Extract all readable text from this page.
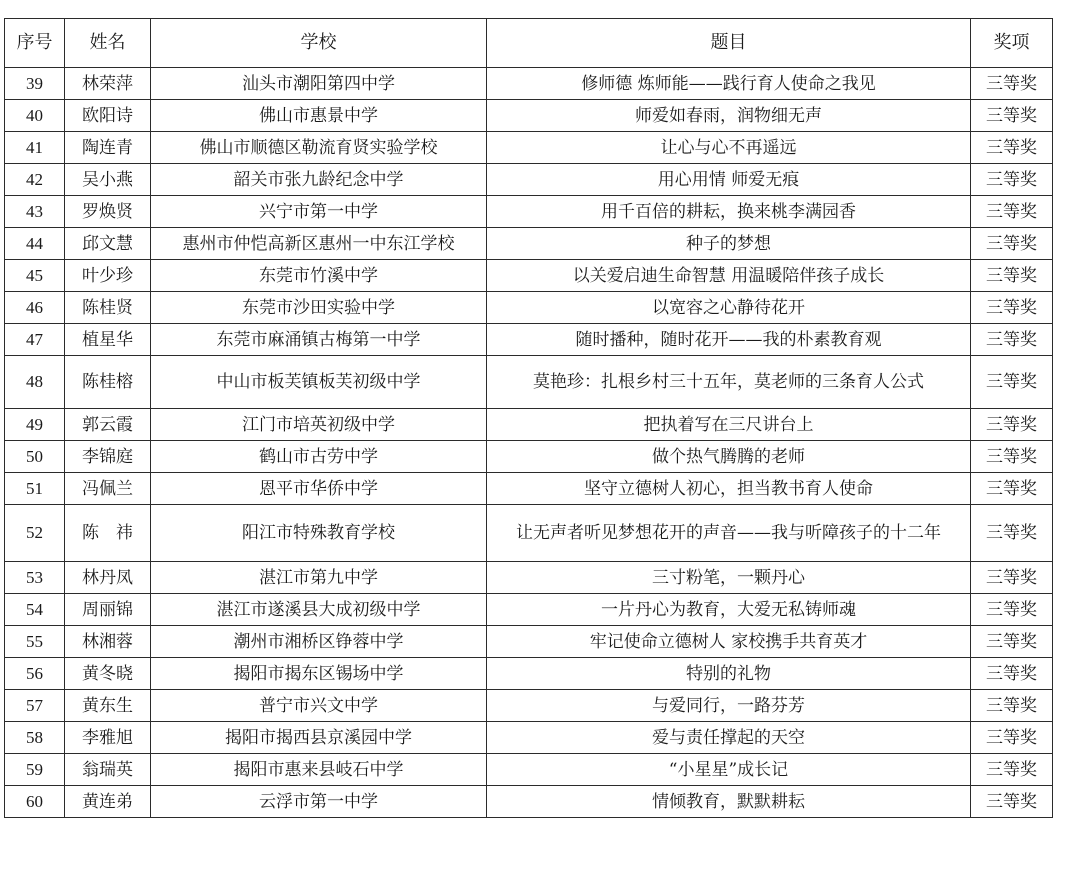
序号	姓名	学校	题目	奖项
39	林荣萍	汕头市潮阳第四中学	修师德 炼师能——践行育人使命之我见	三等奖
40	欧阳诗	佛山市惠景中学	师爱如春雨，润物细无声	三等奖
41	陶连青	佛山市顺德区勒流育贤实验学校	让心与心不再遥远	三等奖
42	吴小燕	韶关市张九龄纪念中学	用心用情 师爱无痕	三等奖
43	罗焕贤	兴宁市第一中学	用千百倍的耕耘，换来桃李满园香	三等奖
44	邱文慧	惠州市仲恺高新区惠州一中东江学校	种子的梦想	三等奖
45	叶少珍	东莞市竹溪中学	以关爱启迪生命智慧 用温暖陪伴孩子成长	三等奖
46	陈桂贤	东莞市沙田实验中学	以宽容之心静待花开	三等奖
47	植星华	东莞市麻涌镇古梅第一中学	随时播种，随时花开——我的朴素教育观	三等奖
48	陈桂榕	中山市板芙镇板芙初级中学	莫艳珍：扎根乡村三十五年，莫老师的三条育人公式	三等奖
49	郭云霞	江门市培英初级中学	把执着写在三尺讲台上	三等奖
50	李锦庭	鹤山市古劳中学	做个热气腾腾的老师	三等奖
51	冯佩兰	恩平市华侨中学	坚守立德树人初心，担当教书育人使命	三等奖
52	陈　祎	阳江市特殊教育学校	让无声者听见梦想花开的声音——我与听障孩子的十二年	三等奖
53	林丹凤	湛江市第九中学	三寸粉笔，一颗丹心	三等奖
54	周丽锦	湛江市遂溪县大成初级中学	一片丹心为教育，大爱无私铸师魂	三等奖
55	林湘蓉	潮州市湘桥区铮蓉中学	牢记使命立德树人 家校携手共育英才	三等奖
56	黄冬晓	揭阳市揭东区锡场中学	特别的礼物	三等奖
57	黄东生	普宁市兴文中学	与爱同行，一路芬芳	三等奖
58	李雅旭	揭阳市揭西县京溪园中学	爱与责任撑起的天空	三等奖
59	翁瑞英	揭阳市惠来县岐石中学	“小星星”成长记	三等奖
60	黄连弟	云浮市第一中学	情倾教育，默默耕耘	三等奖
